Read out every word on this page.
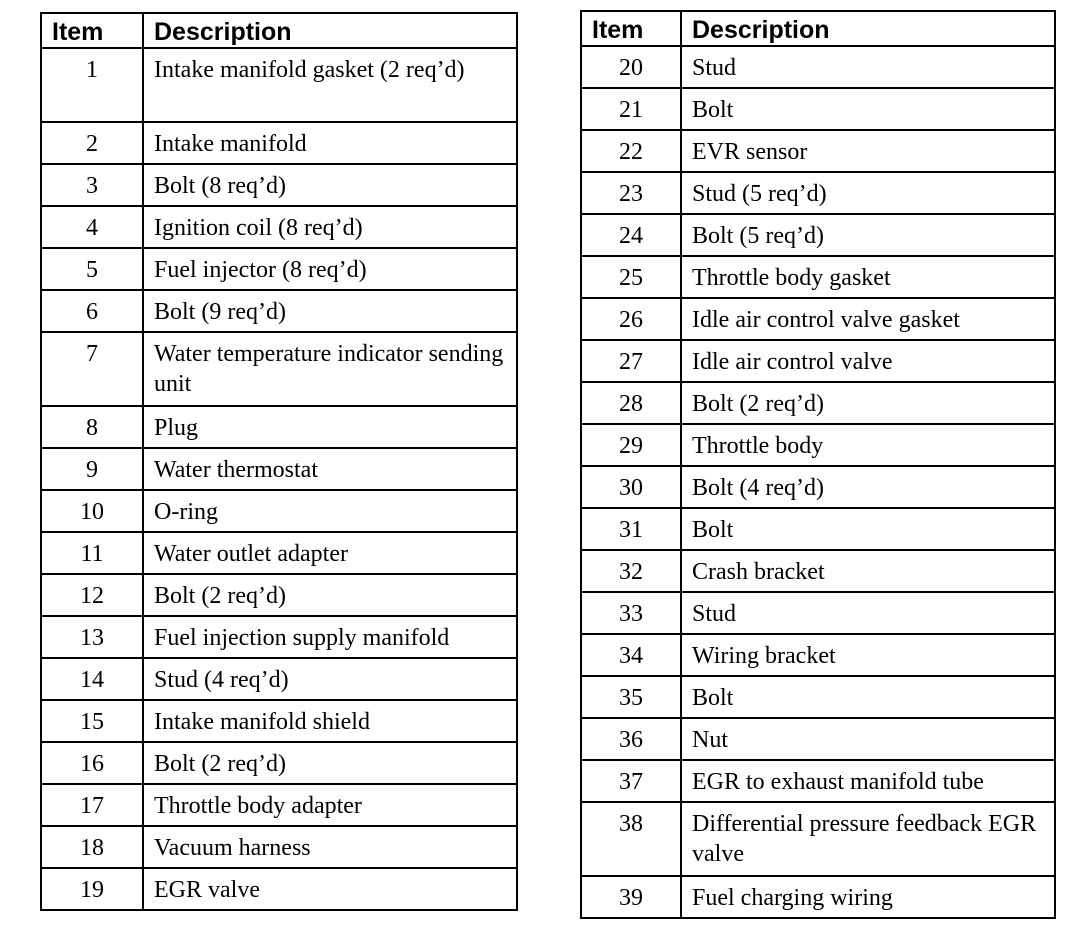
Item	Description
1	Intake manifold gasket (2 req’d)
2	Intake manifold
3	Bolt (8 req’d)
4	Ignition coil (8 req’d)
5	Fuel injector (8 req’d)
6	Bolt (9 req’d)
7	Water temperature indicator sending unit
8	Plug
9	Water thermostat
10	O-ring
11	Water outlet adapter
12	Bolt (2 req’d)
13	Fuel injection supply manifold
14	Stud (4 req’d)
15	Intake manifold shield
16	Bolt (2 req’d)
17	Throttle body adapter
18	Vacuum harness
19	EGR valve
Item	Description
20	Stud
21	Bolt
22	EVR sensor
23	Stud (5 req’d)
24	Bolt (5 req’d)
25	Throttle body gasket
26	Idle air control valve gasket
27	Idle air control valve
28	Bolt (2 req’d)
29	Throttle body
30	Bolt (4 req’d)
31	Bolt
32	Crash bracket
33	Stud
34	Wiring bracket
35	Bolt
36	Nut
37	EGR to exhaust manifold tube
38	Differential pressure feedback EGR valve
39	Fuel charging wiring
